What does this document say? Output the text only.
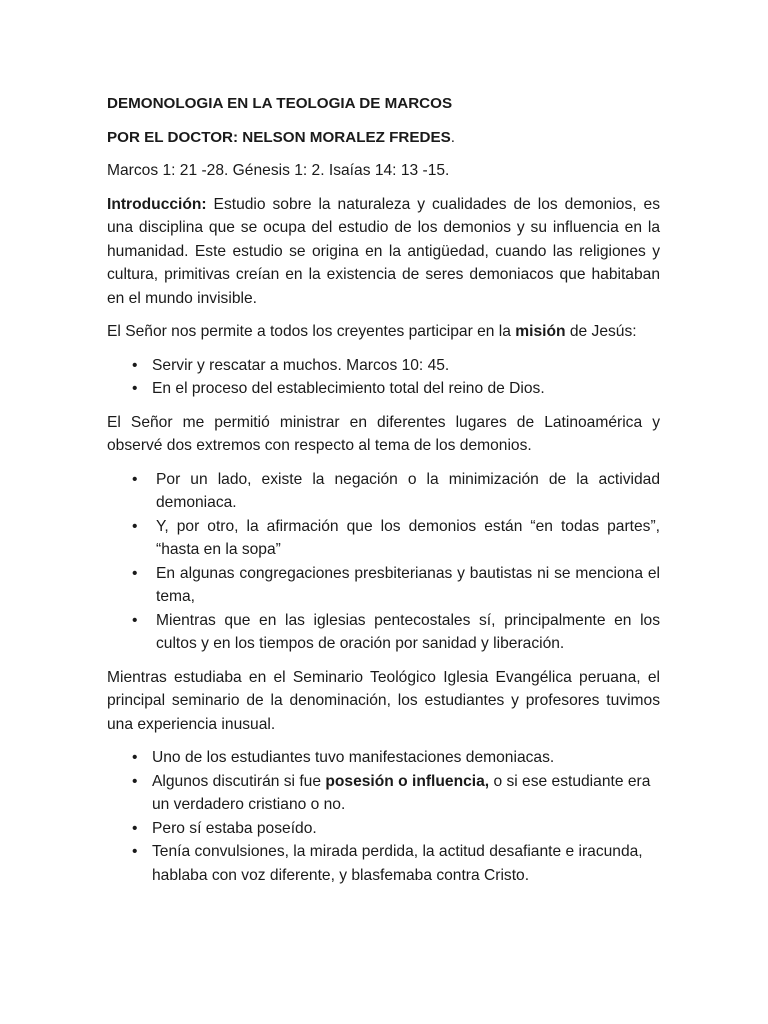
DEMONOLOGIA EN LA TEOLOGIA DE MARCOS
POR EL DOCTOR: NELSON MORALEZ FREDES.

Marcos 1: 21 -28. Génesis 1: 2. Isaías 14: 13 -15.

Introducción: Estudio sobre la naturaleza y cualidades de los demonios, es una disciplina que se ocupa del estudio de los demonios y su influencia en la humanidad. Este estudio se origina en la antigüedad, cuando las religiones y cultura, primitivas creían en la existencia de seres demoniacos que habitaban en el mundo invisible.

El Señor nos permite a todos los creyentes participar en la misión de Jesús:

• Servir y rescatar a muchos. Marcos 10: 45.
• En el proceso del establecimiento total del reino de Dios.

El Señor me permitió ministrar en diferentes lugares de Latinoamérica y observé dos extremos con respecto al tema de los demonios.

• Por un lado, existe la negación o la minimización de la actividad demoniaca.
• Y, por otro, la afirmación que los demonios están “en todas partes”, “hasta en la sopa”
• En algunas congregaciones presbiterianas y bautistas ni se menciona el tema,
• Mientras que en las iglesias pentecostales sí, principalmente en los cultos y en los tiempos de oración por sanidad y liberación.

Mientras estudiaba en el Seminario Teológico Iglesia Evangélica peruana, el principal seminario de la denominación, los estudiantes y profesores tuvimos una experiencia inusual.

• Uno de los estudiantes tuvo manifestaciones demoniacas.
• Algunos discutirán si fue posesión o influencia, o si ese estudiante era un verdadero cristiano o no.
• Pero sí estaba poseído.
• Tenía convulsiones, la mirada perdida, la actitud desafiante e iracunda, hablaba con voz diferente, y blasfemaba contra Cristo.
